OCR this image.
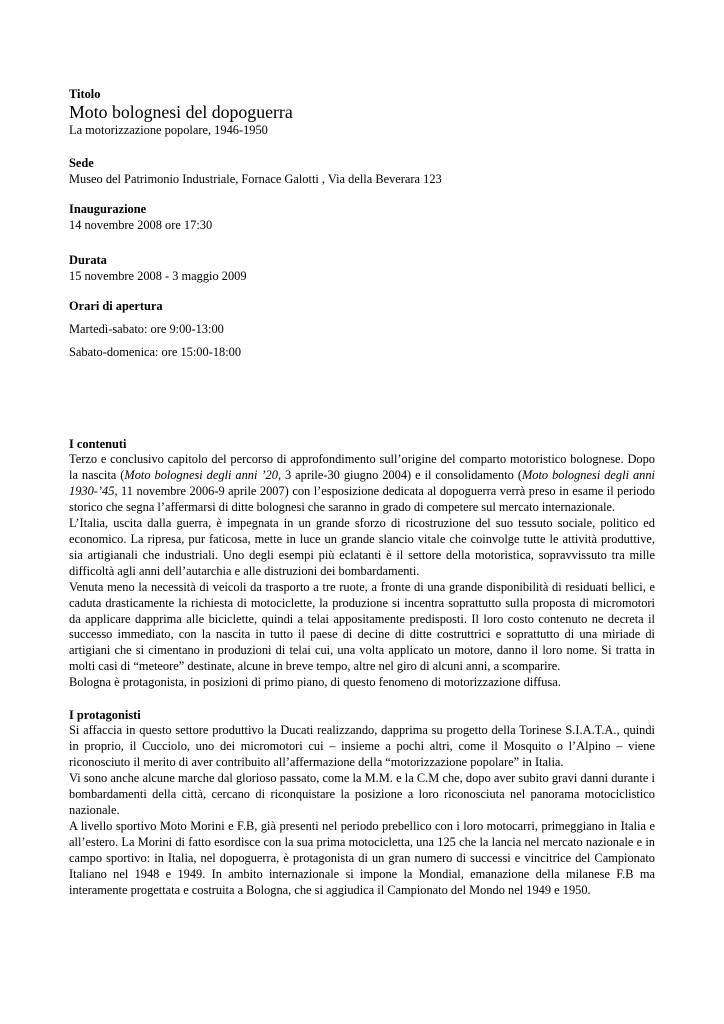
Titolo

Moto bolognesi del dopoguerra

La motorizzazione popolare, 1946-1950

Sede

Museo del Patrimonio Industriale, Fornace Galotti , Via della Beverara 123

Inaugurazione

14 novembre 2008 ore 17:30

Durata

15 novembre 2008 - 3 maggio 2009

Orari di apertura

Martedì-sabato: ore 9:00-13:00

Sabato-domenica: ore 15:00-18:00

I contenuti

Terzo e conclusivo capitolo del percorso di approfondimento sull’origine del comparto motoristico bolognese. Dopo la nascita (Moto bolognesi degli anni ’20, 3 aprile-30 giugno 2004) e il consolidamento (Moto bolognesi degli anni 1930-’45, 11 novembre 2006-9 aprile 2007) con l’esposizione dedicata al dopoguerra verrà preso in esame il periodo storico che segna l’affermarsi di ditte bolognesi che saranno in grado di competere sul mercato internazionale.

L’Italia, uscita dalla guerra, è impegnata in un grande sforzo di ricostruzione del suo tessuto sociale, politico ed economico. La ripresa, pur faticosa, mette in luce un grande slancio vitale che coinvolge tutte le attività produttive, sia artigianali che industriali. Uno degli esempi più eclatanti è il settore della motoristica, sopravvissuto tra mille difficoltà agli anni dell’autarchia e alle distruzioni dei bombardamenti.

Venuta meno la necessità di veicoli da trasporto a tre ruote, a fronte di una grande disponibilità di residuati bellici, e caduta drasticamente la richiesta di motociclette, la produzione si incentra soprattutto sulla proposta di micromotori da applicare dapprima alle biciclette, quindi a telai appositamente predisposti. Il loro costo contenuto ne decreta il successo immediato, con la nascita in tutto il paese di decine di ditte costruttrici e soprattutto di una miriade di artigiani che si cimentano in produzioni di telai cui, una volta applicato un motore, danno il loro nome. Si tratta in molti casi di “meteore” destinate, alcune in breve tempo, altre nel giro di alcuni anni, a scomparire.

Bologna è protagonista, in posizioni di primo piano, di questo fenomeno di motorizzazione diffusa.

I protagonisti

Si affaccia in questo settore produttivo la Ducati realizzando, dapprima su progetto della Torinese S.I.A.T.A., quindi in proprio, il Cucciolo, uno dei micromotori cui – insieme a pochi altri, come il Mosquito o l’Alpino – viene riconosciuto il merito di aver contribuito all’affermazione della “motorizzazione popolare” in Italia.

Vi sono anche alcune marche dal glorioso passato, come la M.M. e la C.M che, dopo aver subito gravi danni durante i bombardamenti della città, cercano di riconquistare la posizione a loro riconosciuta nel panorama motociclistico nazionale.

A livello sportivo Moto Morini e F.B, già presenti nel periodo prebellico con i loro motocarri, primeggiano in Italia e all’estero. La Morini di fatto esordisce con la sua prima motocicletta, una 125 che la lancia nel mercato nazionale e in campo sportivo: in Italia, nel dopoguerra, è protagonista di un gran numero di successi e vincitrice del Campionato Italiano nel 1948 e 1949. In ambito internazionale si impone la Mondial, emanazione della milanese F.B ma interamente progettata e costruita a Bologna, che si aggiudica il Campionato del Mondo nel 1949 e 1950.
